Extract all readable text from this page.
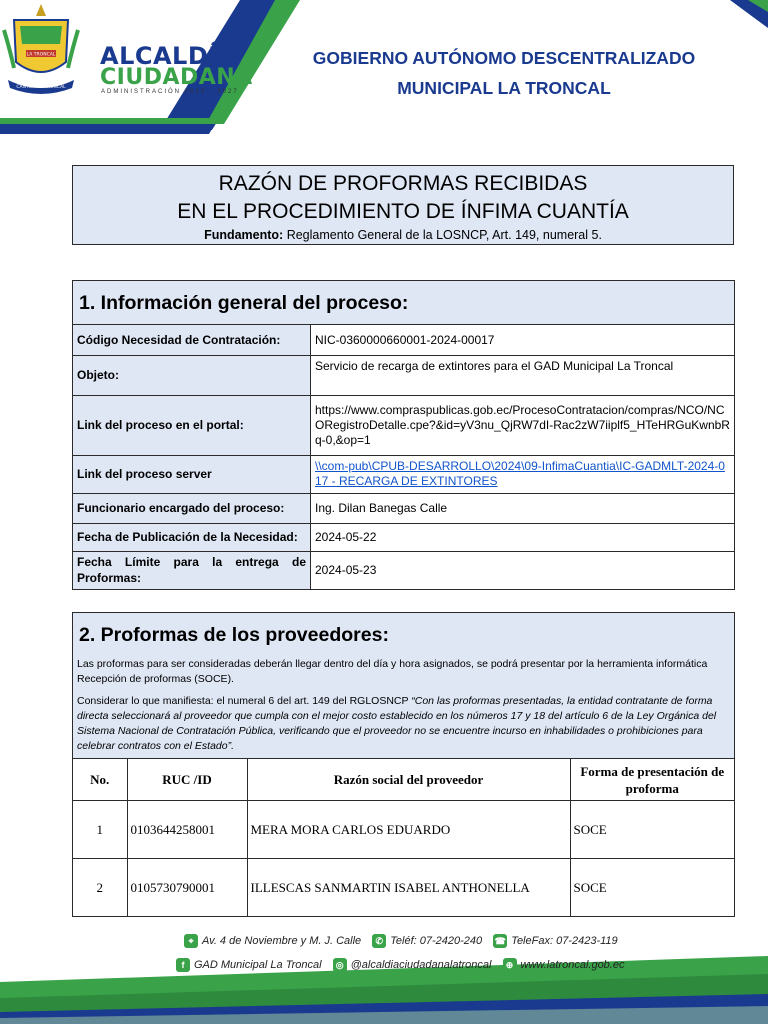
LA TRONCAL
CANTÓN LA TRONCAL
ALCALDÍA
CIUDADANA
ADMINISTRACIÓN 2023 - 2027
GOBIERNO AUTÓNOMO DESCENTRALIZADO
MUNICIPAL LA TRONCAL
RAZÓN DE PROFORMAS RECIBIDAS
EN EL PROCEDIMIENTO DE ÍNFIMA CUANTÍA
Fundamento: Reglamento General de la LOSNCP, Art. 149, numeral 5.
1. Información general del proceso:
Código Necesidad de Contratación:	NIC-0360000660001-2024-00017
Objeto:	Servicio de recarga de extintores para el GAD Municipal La Troncal
Link del proceso en el portal:	https://www.compraspublicas.gob.ec/ProcesoContratacion/compras/NCO/NCORegistroDetalle.cpe?&id=yV3nu_QjRW7dI-Rac2zW7iiplf5_HTeHRGuKwnbRq-0,&op=1
Link del proceso server	\\com-pub\CPUB-DESARROLLO\2024\09-InfimaCuantia\IC-GADMLT-2024-017 - RECARGA DE EXTINTORES
Funcionario encargado del proceso:	Ing. Dilan Banegas Calle
Fecha de Publicación de la Necesidad:	2024-05-22
Fecha Límite para la entrega de Proformas:	2024-05-23
2. Proformas de los proveedores:

Las proformas para ser consideradas deberán llegar dentro del día y hora asignados, se podrá presentar por la herramienta informática Recepción de proformas (SOCE).

Considerar lo que manifiesta: el numeral 6 del art. 149 del RGLOSNCP “Con las proformas presentadas, la entidad contratante de forma directa seleccionará al proveedor que cumpla con el mejor costo establecido en los números 17 y 18 del artículo 6 de la Ley Orgánica del Sistema Nacional de Contratación Pública, verificando que el proveedor no se encuentre incurso en inhabilidades o prohibiciones para celebrar contratos con el Estado”.

No.	RUC /ID	Razón social del proveedor	Forma de presentación de proforma
1	0103644258001	MERA MORA CARLOS EDUARDO	SOCE
2	0105730790001	ILLESCAS SANMARTIN ISABEL ANTHONELLA	SOCE
⌖ Av. 4 de Noviembre y M. J. Calle ✆ Teléf: 07-2420-240 ☎ TeleFax: 07-2423-119
f GAD Municipal La Troncal ◎ @alcaldiaciudadanalatroncal ⊕ www.latroncal.gob.ec
